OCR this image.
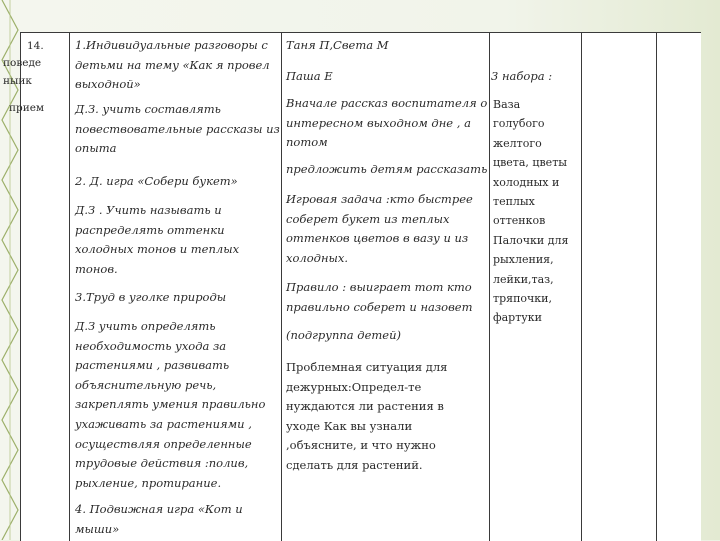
14.
поведе
ныик
прием
1.Индивидуальные разговоры с
детьми на тему «Как я провел
выходной»
Д.З. учить составлять
повествовательные рассказы из
опыта
2. Д. игра «Собери букет»
Д.З . Учить называть и
распределять оттенки
холодных тонов и теплых
тонов.
3.Труд в уголке природы
Д.З учить определять
необходимость ухода за
растениями , развивать
объяснительную речь,
закреплять умения правильно
ухаживать за растениями ,
осуществляя определенные
трудовые действия :полив,
рыхление, протирание.
4. Подвижная игра «Кот и
мыши»
Таня П,Света М
Паша Е
Вначале рассказ воспитателя о
интересном выходном дне , а
потом
предложить детям рассказать
Игровая задача :кто быстрее
соберет букет из теплых
оттенков цветов в вазу и из
холодных.
Правило : выиграет тот кто
правильно соберет и назовет
(подгруппа детей)
Проблемная ситуация для
дежурных:Определ-те
нуждаются ли растения в
уходе Как вы узнали
,объясните, и что нужно
сделать для растений.
3 набора :
Ваза
голубого
желтого
цвета, цветы
холодных и
теплых
оттенков
Палочки для
рыхления,
лейки,таз,
тряпочки,
фартуки
